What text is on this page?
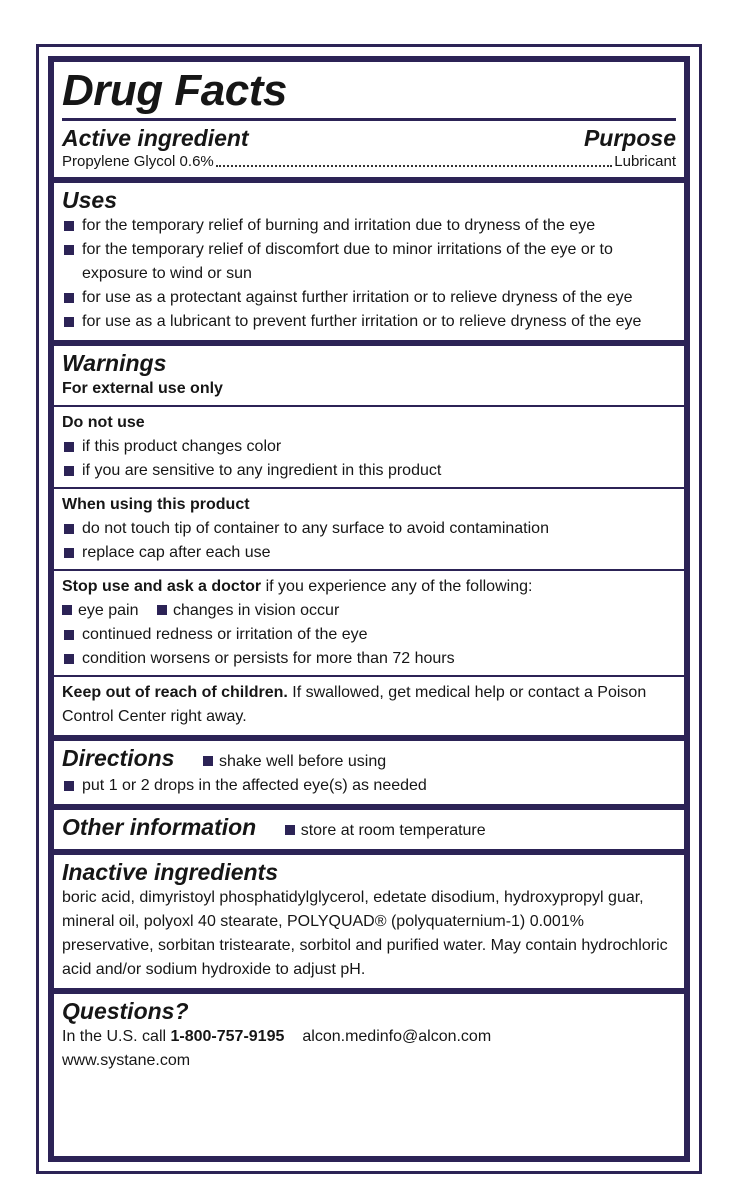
Drug Facts
Active ingredient	Purpose
Propylene Glycol 0.6%	Lubricant
Uses
for the temporary relief of burning and irritation due to dryness of the eye
for the temporary relief of discomfort due to minor irritations of the eye or to exposure to wind or sun
for use as a protectant against further irritation or to relieve dryness of the eye
for use as a lubricant to prevent further irritation or to relieve dryness of the eye
Warnings
For external use only
Do not use
if this product changes color
if you are sensitive to any ingredient in this product
When using this product
do not touch tip of container to any surface to avoid contamination
replace cap after each use
Stop use and ask a doctor if you experience any of the following:
eye pain changes in vision occur
continued redness or irritation of the eye
condition worsens or persists for more than 72 hours
Keep out of reach of children. If swallowed, get medical help or contact a Poison Control Center right away.
Directions	shake well before using
put 1 or 2 drops in the affected eye(s) as needed
Other information	store at room temperature
Inactive ingredients
boric acid, dimyristoyl phosphatidylglycerol, edetate disodium, hydroxypropyl guar, mineral oil, polyoxl 40 stearate, POLYQUAD® (polyquaternium-1) 0.001% preservative, sorbitan tristearate, sorbitol and purified water. May contain hydrochloric acid and/or sodium hydroxide to adjust pH.
Questions?
In the U.S. call 1-800-757-9195 alcon.medinfo@alcon.com
www.systane.com
